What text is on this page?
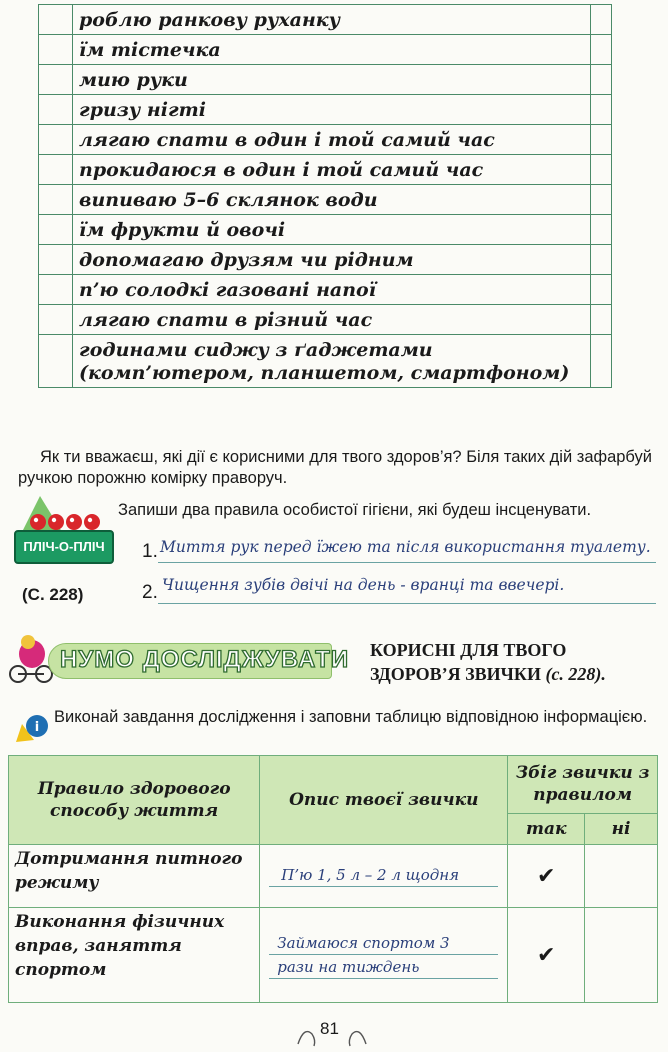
	роблю ранкову руханку	
	їм тістечка	
	мию руки	
	гризу нігті	
	лягаю спати в один і той самий час	
	прокидаюся в один і той самий час	
	випиваю 5–6 склянок води	
	їм фрукти й овочі	
	допомагаю друзям чи рідним	
	п’ю солодкі газовані напої	
	лягаю спати в різний час	
	годинами сиджу з ґаджетами (комп’ютером, планшетом, смартфоном)	
Як ти вважаєш, які дії є корисними для твого здоров’я? Біля таких дій зафарбуй ручкою порожню комірку праворуч.
ПЛІЧ-О-ПЛІЧ
(С. 228)
Запиши два правила особистої гігієни, які будеш інсценувати.
1. Миття рук перед їжею та після використання туалету.
2. Чищення зубів двічі на день - вранці та ввечері.
НУМО ДОСЛІДЖУВАТИ КОРИСНІ ДЛЯ ТВОГО
ЗДОРОВ’Я ЗВИЧКИ (с. 228).
i
Виконай завдання дослідження і заповни таблицю відповідною інформацією.
Правило здорового способу життя	Опис твоєї звички	Збіг звички з правилом	
		так	ні
Дотримання питного режиму	П’ю 1, 5 л – 2 л щодня	✔	
Виконання фізичних вправ, заняття спортом	Займаюся спортом 3 рази на тиждень	✔	
81
